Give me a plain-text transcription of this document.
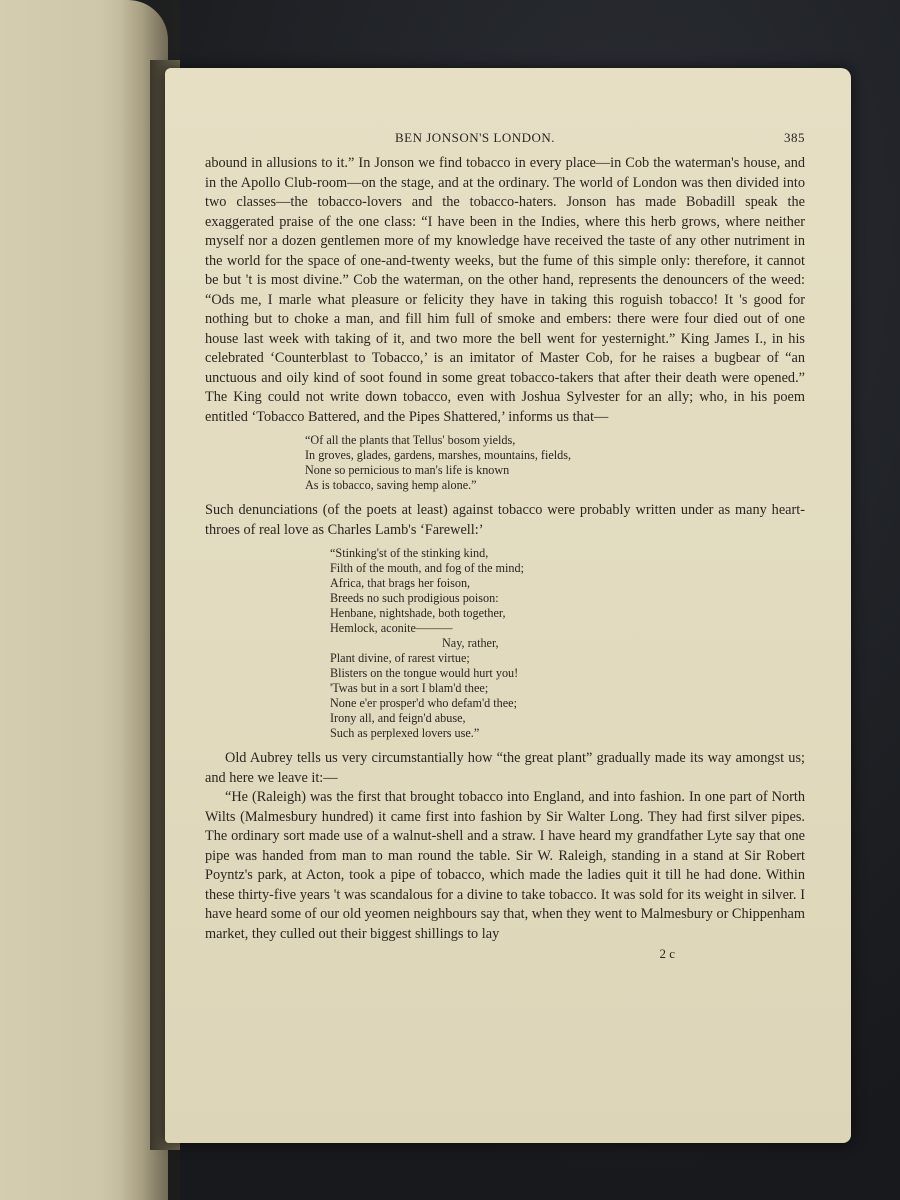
BEN JONSON'S LONDON.	385

abound in allusions to it.” In Jonson we find tobacco in every place—in Cob the waterman's house, and in the Apollo Club-room—on the stage, and at the ordinary. The world of London was then divided into two classes—the tobacco-lovers and the tobacco-haters. Jonson has made Bobadill speak the exaggerated praise of the one class: “I have been in the Indies, where this herb grows, where neither myself nor a dozen gentlemen more of my knowledge have received the taste of any other nutriment in the world for the space of one-and-twenty weeks, but the fume of this simple only: therefore, it cannot be but 't is most divine.” Cob the waterman, on the other hand, represents the denouncers of the weed: “Ods me, I marle what pleasure or felicity they have in taking this roguish tobacco! It 's good for nothing but to choke a man, and fill him full of smoke and embers: there were four died out of one house last week with taking of it, and two more the bell went for yesternight.” King James I., in his celebrated ‘Counterblast to Tobacco,’ is an imitator of Master Cob, for he raises a bugbear of “an unctuous and oily kind of soot found in some great tobacco-takers that after their death were opened.” The King could not write down tobacco, even with Joshua Sylvester for an ally; who, in his poem entitled ‘Tobacco Battered, and the Pipes Shattered,’ informs us that—

“Of all the plants that Tellus' bosom yields,
In groves, glades, gardens, marshes, mountains, fields,
None so pernicious to man's life is known
As is tobacco, saving hemp alone.”

Such denunciations (of the poets at least) against tobacco were probably written under as many heart-throes of real love as Charles Lamb's ‘Farewell:’

“Stinking'st of the stinking kind,
Filth of the mouth, and fog of the mind;
Africa, that brags her foison,
Breeds no such prodigious poison:
Henbane, nightshade, both together,
Hemlock, aconite———
Nay, rather,
Plant divine, of rarest virtue;
Blisters on the tongue would hurt you!
'Twas but in a sort I blam'd thee;
None e'er prosper'd who defam'd thee;
Irony all, and feign'd abuse,
Such as perplexed lovers use.”

Old Aubrey tells us very circumstantially how “the great plant” gradually made its way amongst us; and here we leave it:—

“He (Raleigh) was the first that brought tobacco into England, and into fashion. In one part of North Wilts (Malmesbury hundred) it came first into fashion by Sir Walter Long. They had first silver pipes. The ordinary sort made use of a walnut-shell and a straw. I have heard my grandfather Lyte say that one pipe was handed from man to man round the table. Sir W. Raleigh, standing in a stand at Sir Robert Poyntz's park, at Acton, took a pipe of tobacco, which made the ladies quit it till he had done. Within these thirty-five years 't was scandalous for a divine to take tobacco. It was sold for its weight in silver. I have heard some of our old yeomen neighbours say that, when they went to Malmesbury or Chippenham market, they culled out their biggest shillings to lay

2 c
